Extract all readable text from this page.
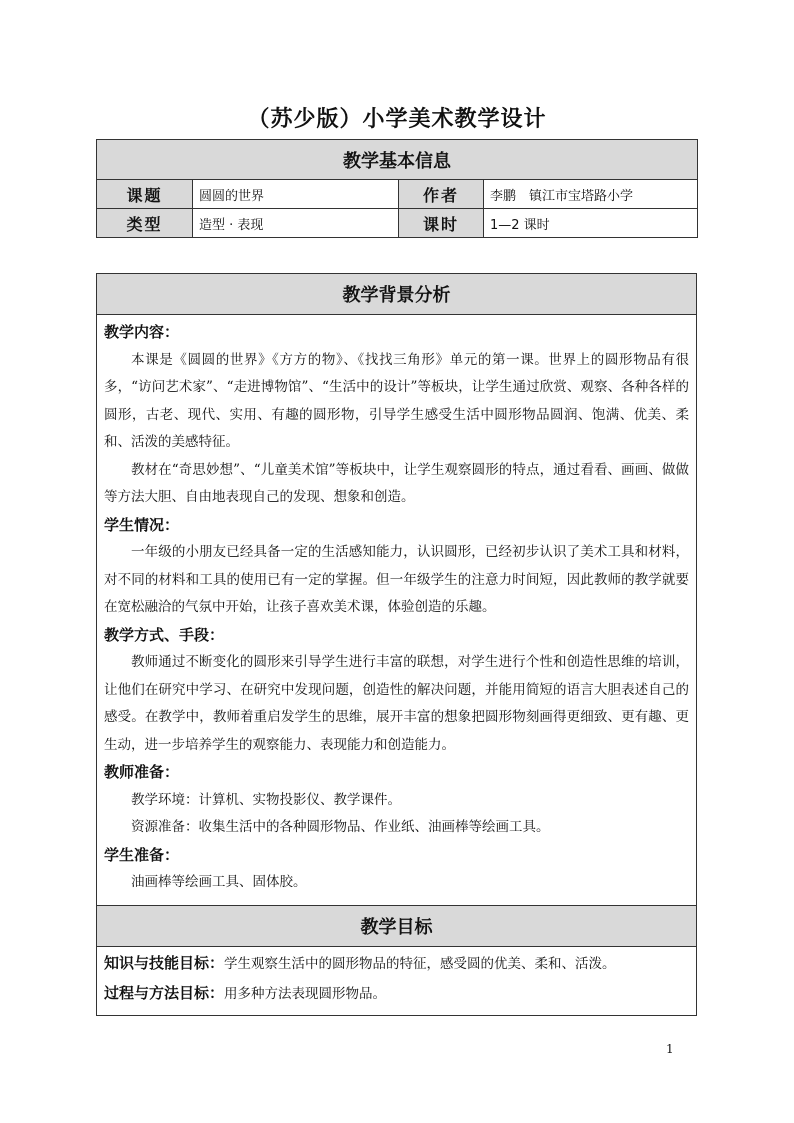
（苏少版）小学美术教学设计
教学基本信息			
课题	圆圆的世界	作者	李鹏　镇江市宝塔路小学
类型	造型 · 表现	课时	1—2 课时
教学背景分析

教学内容：

本课是《圆圆的世界》《方方的物》、《找找三角形》单元的第一课。世界上的圆形物品有很多，“访问艺术家”、“走进博物馆”、“生活中的设计”等板块，让学生通过欣赏、观察、各种各样的圆形，古老、现代、实用、有趣的圆形物，引导学生感受生活中圆形物品圆润、饱满、优美、柔和、活泼的美感特征。

教材在“奇思妙想”、“儿童美术馆”等板块中，让学生观察圆形的特点，通过看看、画画、做做等方法大胆、自由地表现自己的发现、想象和创造。

学生情况：

一年级的小朋友已经具备一定的生活感知能力，认识圆形，已经初步认识了美术工具和材料，对不同的材料和工具的使用已有一定的掌握。但一年级学生的注意力时间短，因此教师的教学就要在宽松融洽的气氛中开始，让孩子喜欢美术课，体验创造的乐趣。

教学方式、手段：

教师通过不断变化的圆形来引导学生进行丰富的联想，对学生进行个性和创造性思维的培训，让他们在研究中学习、在研究中发现问题，创造性的解决问题，并能用简短的语言大胆表述自己的感受。在教学中，教师着重启发学生的思维，展开丰富的想象把圆形物刻画得更细致、更有趣、更生动，进一步培养学生的观察能力、表现能力和创造能力。

教师准备：

教学环境：计算机、实物投影仪、教学课件。

资源准备：收集生活中的各种圆形物品、作业纸、油画棒等绘画工具。

学生准备：

油画棒等绘画工具、固体胶。

教学目标

知识与技能目标：学生观察生活中的圆形物品的特征，感受圆的优美、柔和、活泼。
过程与方法目标：用多种方法表现圆形物品。
1
